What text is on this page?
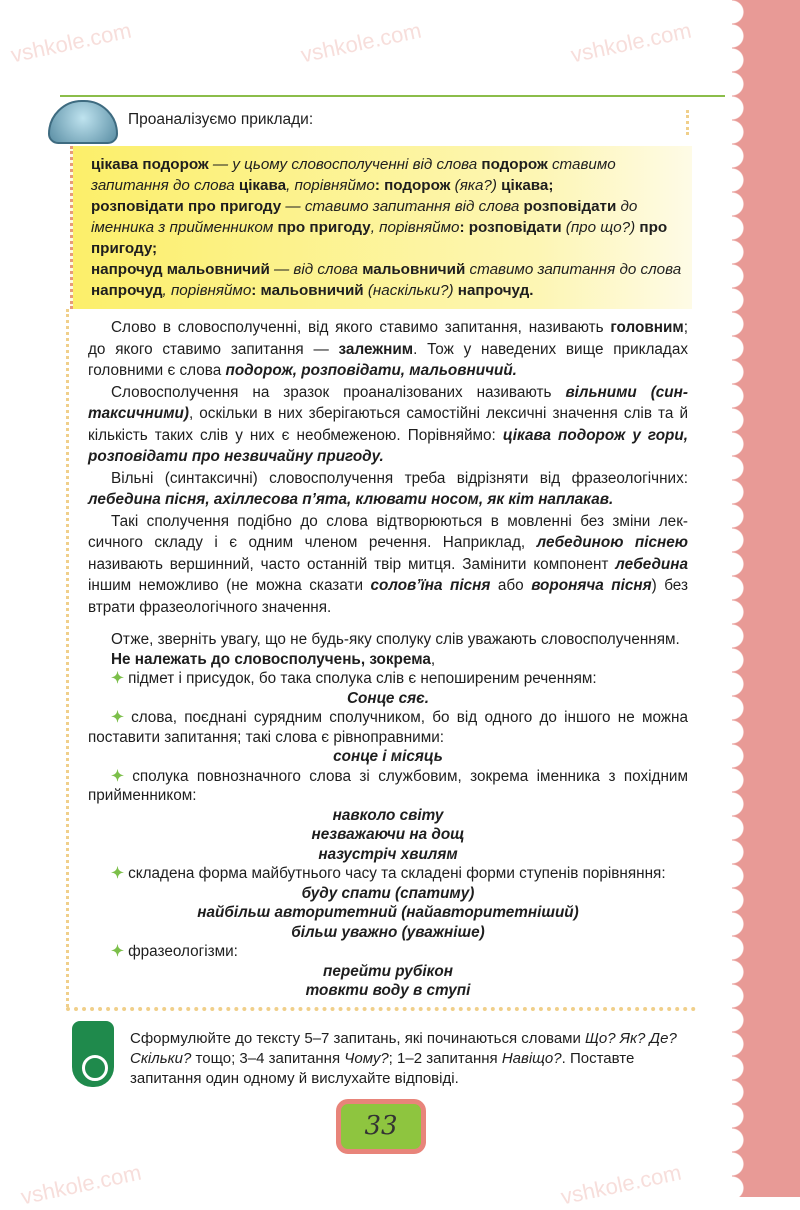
vshkole.com	vshkole.com	vshkole.com
vshkole.com	vshkole.com
Проаналізуємо приклади:
цікава подорож — у цьому словосполученні від слова подорож ставимо запитання до слова цікава, порівняймо: подорож (яка?) цікава;
розповідати про пригоду — ставимо запитання від слова розповідати до іменника з прийменником про пригоду, порівняймо: розповідати (про що?) про пригоду;
напрочуд мальовничий — від слова мальовничий ставимо запитання до слова напрочуд, порівняймо: мальовничий (наскільки?) напрочуд.

Слово в словосполученні, від якого ставимо запитання, називають головним; до якого ставимо запитання — залежним. Тож у наведених вище прикладах головними є слова подорож, розповідати, мальовничий.

Словосполучення на зразок проаналізованих називають вільними (синтаксичними), оскільки в них зберігаються самостійні лексичні значення слів та й кількість таких слів у них є необмеженою. Порівняймо: цікава подорож у гори, розповідати про незвичайну пригоду.

Вільні (синтаксичні) словосполучення треба відрізняти від фразеологічних: лебедина пісня, ахіллесова п’ята, клювати носом, як кіт наплакав.

Такі сполучення подібно до слова відтворюються в мовленні без зміни лексичного складу і є одним членом речення. Наприклад, лебединою піснею називають вершинний, часто останній твір митця. Замінити компонент лебедина іншим неможливо (не можна сказати солов’їна пісня або вороняча пісня) без втрати фразеологічного значення.

Отже, зверніть увагу, що не будь-яку сполуку слів уважають словосполученням.

Не належать до словосполучень, зокрема,

✦ підмет і присудок, бо така сполука слів є непоширеним реченням:

Сонце сяє.

✦ слова, поєднані сурядним сполучником, бо від одного до іншого не можна поставити запитання; такі слова є рівноправними:

сонце і місяць

✦ сполука повнозначного слова зі службовим, зокрема іменника з похідним прийменником:

навколо світу
незважаючи на дощ
назустріч хвилям

✦ складена форма майбутнього часу та складені форми ступенів порівняння:

буду спати (спатиму)
найбільш авторитетний (найавторитетніший)
більш уважно (уважніше)

✦ фразеологізми:

перейти рубікон
товкти воду в ступі
Сформулюйте до тексту 5–7 запитань, які починаються словами Що? Як? Де? Скільки? тощо; 3–4 запитання Чому?; 1–2 запитання Навіщо?. Поставте запитання один одному й вислухайте відповіді.
33
